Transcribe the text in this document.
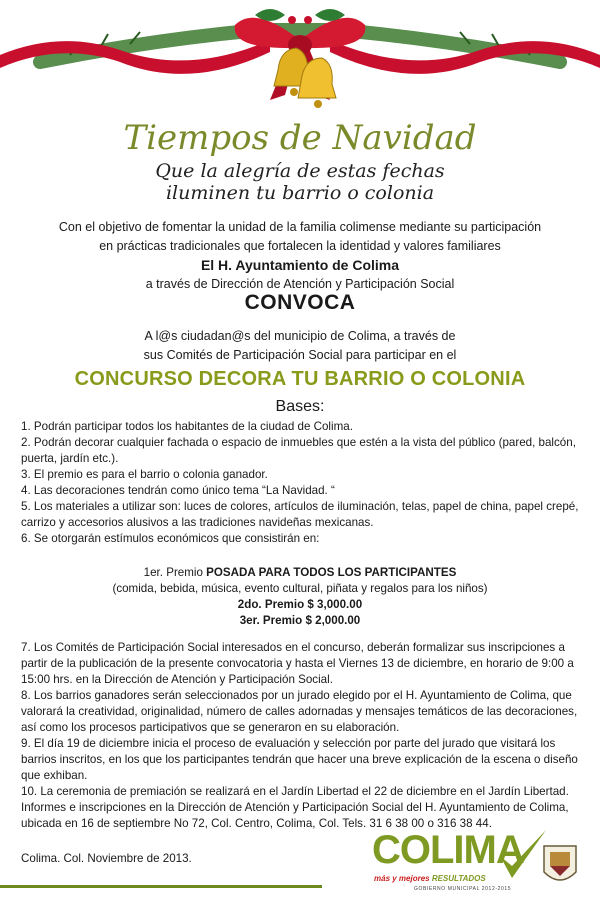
Tiempos de Navidad
Que la alegría de estas fechas
iluminen tu barrio o colonia
Con el objetivo de fomentar la unidad de la familia colimense mediante su participación
en prácticas tradicionales que fortalecen la identidad y valores familiares
El H. Ayuntamiento de Colima
a través de Dirección de Atención y Participación Social
CONVOCA
A l@s ciudadan@s del municipio de Colima, a través de
sus Comités de Participación Social para participar en el
CONCURSO DECORA TU BARRIO O COLONIA
Bases:
1. Podrán participar todos los habitantes de la ciudad de Colima.
2. Podrán decorar cualquier fachada o espacio de inmuebles que estén a la vista del público (pared, balcón, puerta, jardín etc.).
3. El premio es para el barrio o colonia ganador.
4. Las decoraciones tendrán como único tema “La Navidad. “
5. Los materiales a utilizar son: luces de colores, artículos de iluminación, telas, papel de china, papel crepé, carrizo y accesorios alusivos a las tradiciones navideñas mexicanas.
6. Se otorgarán estímulos económicos que consistirán en:
1er. Premio POSADA PARA TODOS LOS PARTICIPANTES
(comida, bebida, música, evento cultural, piñata y regalos para los niños)
2do. Premio $ 3,000.00
3er. Premio $ 2,000.00
7. Los Comités de Participación Social interesados en el concurso, deberán formalizar sus inscripciones a partir de la publicación de la presente convocatoria y hasta el Viernes 13 de diciembre, en horario de 9:00 a 15:00 hrs. en la Dirección de Atención y Participación Social.
8. Los barrios ganadores serán seleccionados por un jurado elegido por el H. Ayuntamiento de Colima, que valorará la creatividad, originalidad, número de calles adornadas y mensajes temáticos de las decoraciones, así como los procesos participativos que se generaron en su elaboración.
9. El día 19 de diciembre inicia el proceso de evaluación y selección por parte del jurado que visitará los barrios inscritos, en los que los participantes tendrán que hacer una breve explicación de la escena o diseño que exhiban.
10. La ceremonia de premiación se realizará en el Jardín Libertad el 22 de diciembre en el Jardín Libertad.
Informes e inscripciones en la Dirección de Atención y Participación Social del H. Ayuntamiento de Colima, ubicada en 16 de septiembre No 72, Col. Centro, Colima, Col. Tels. 31 6 38 00 o 316 38 44.
Colima. Col. Noviembre de 2013.	COLIMA
más y mejores RESULTADOS
GOBIERNO MUNICIPAL 2012-2015
